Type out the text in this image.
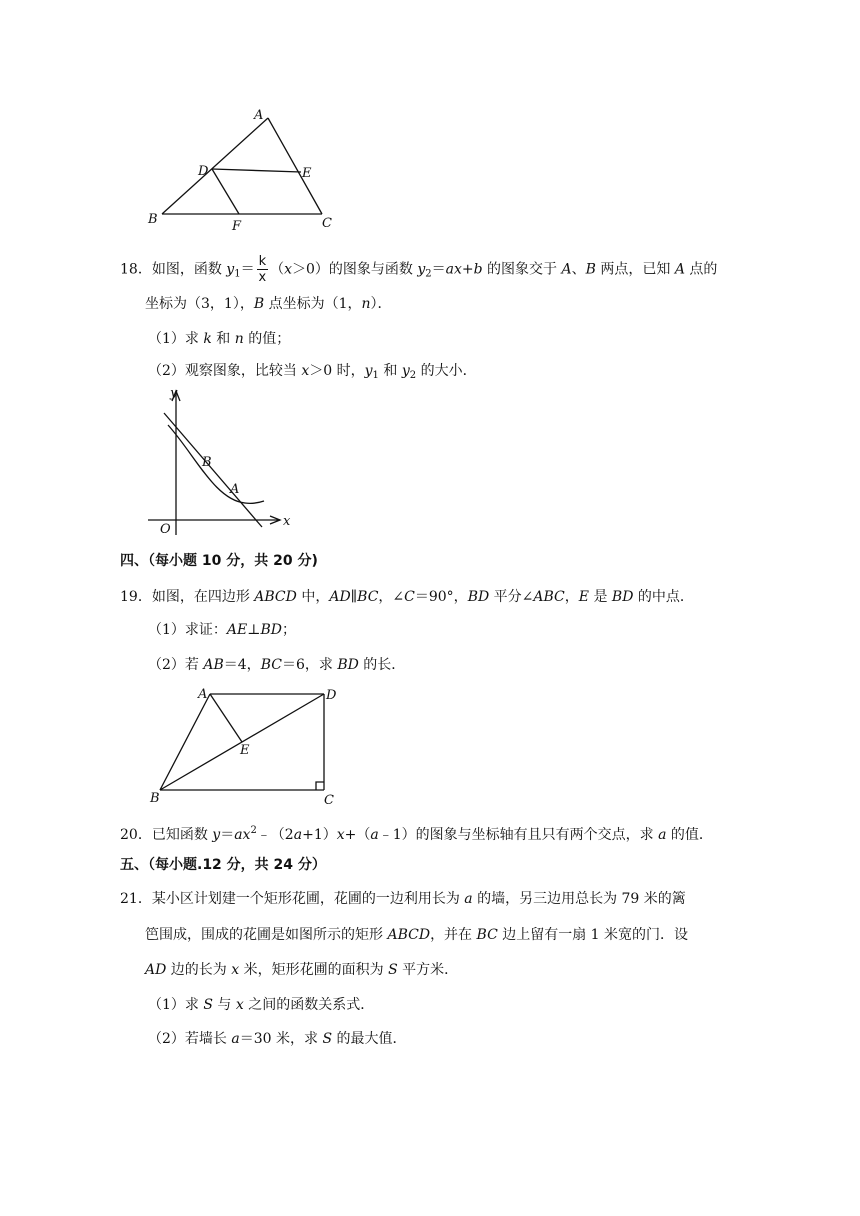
A
D	E
B	F	C
18．如图，函数 $y_1= \frac{k}{x} (x>0)$的图象与函数 $y_2=ax+b$ 的图象交于 A、B 两点，已知 A 点的
坐标为（3，1），B 点坐标为（1，n）．
（1）求 k 和 n 的值；
（2）观察图象，比较当 x＞0 时，$y_1$ 和 $y_2$ 的大小．
y
x
O
B
A
四、（每小题 10 分，共 20 分)
19．如图，在四边形 ABCD 中，AD∥BC，∠C＝90°，BD 平分∠ABC，E 是 BD 的中点．
（1）求证：AE⊥BD；
（2）若 AB＝4，BC＝6，求 BD 的长．
A	D
E
B	C
20．已知函数 $y=ax^2﹣(2a+1)x+(a﹣1)$的图象与坐标轴有且只有两个交点，求 a 的值．
五、（每小题.12 分，共 24 分）
21．某小区计划建一个矩形花圃，花圃的一边利用长为 a 的墙，另三边用总长为 79 米的篱
笆围成，围成的花圃是如图所示的矩形 ABCD，并在 BC 边上留有一扇 1 米宽的门．设
AD 边的长为 x 米，矩形花圃的面积为 S 平方米．
（1）求 S 与 x 之间的函数关系式．
（2）若墙长 a＝30 米，求 S 的最大值．
